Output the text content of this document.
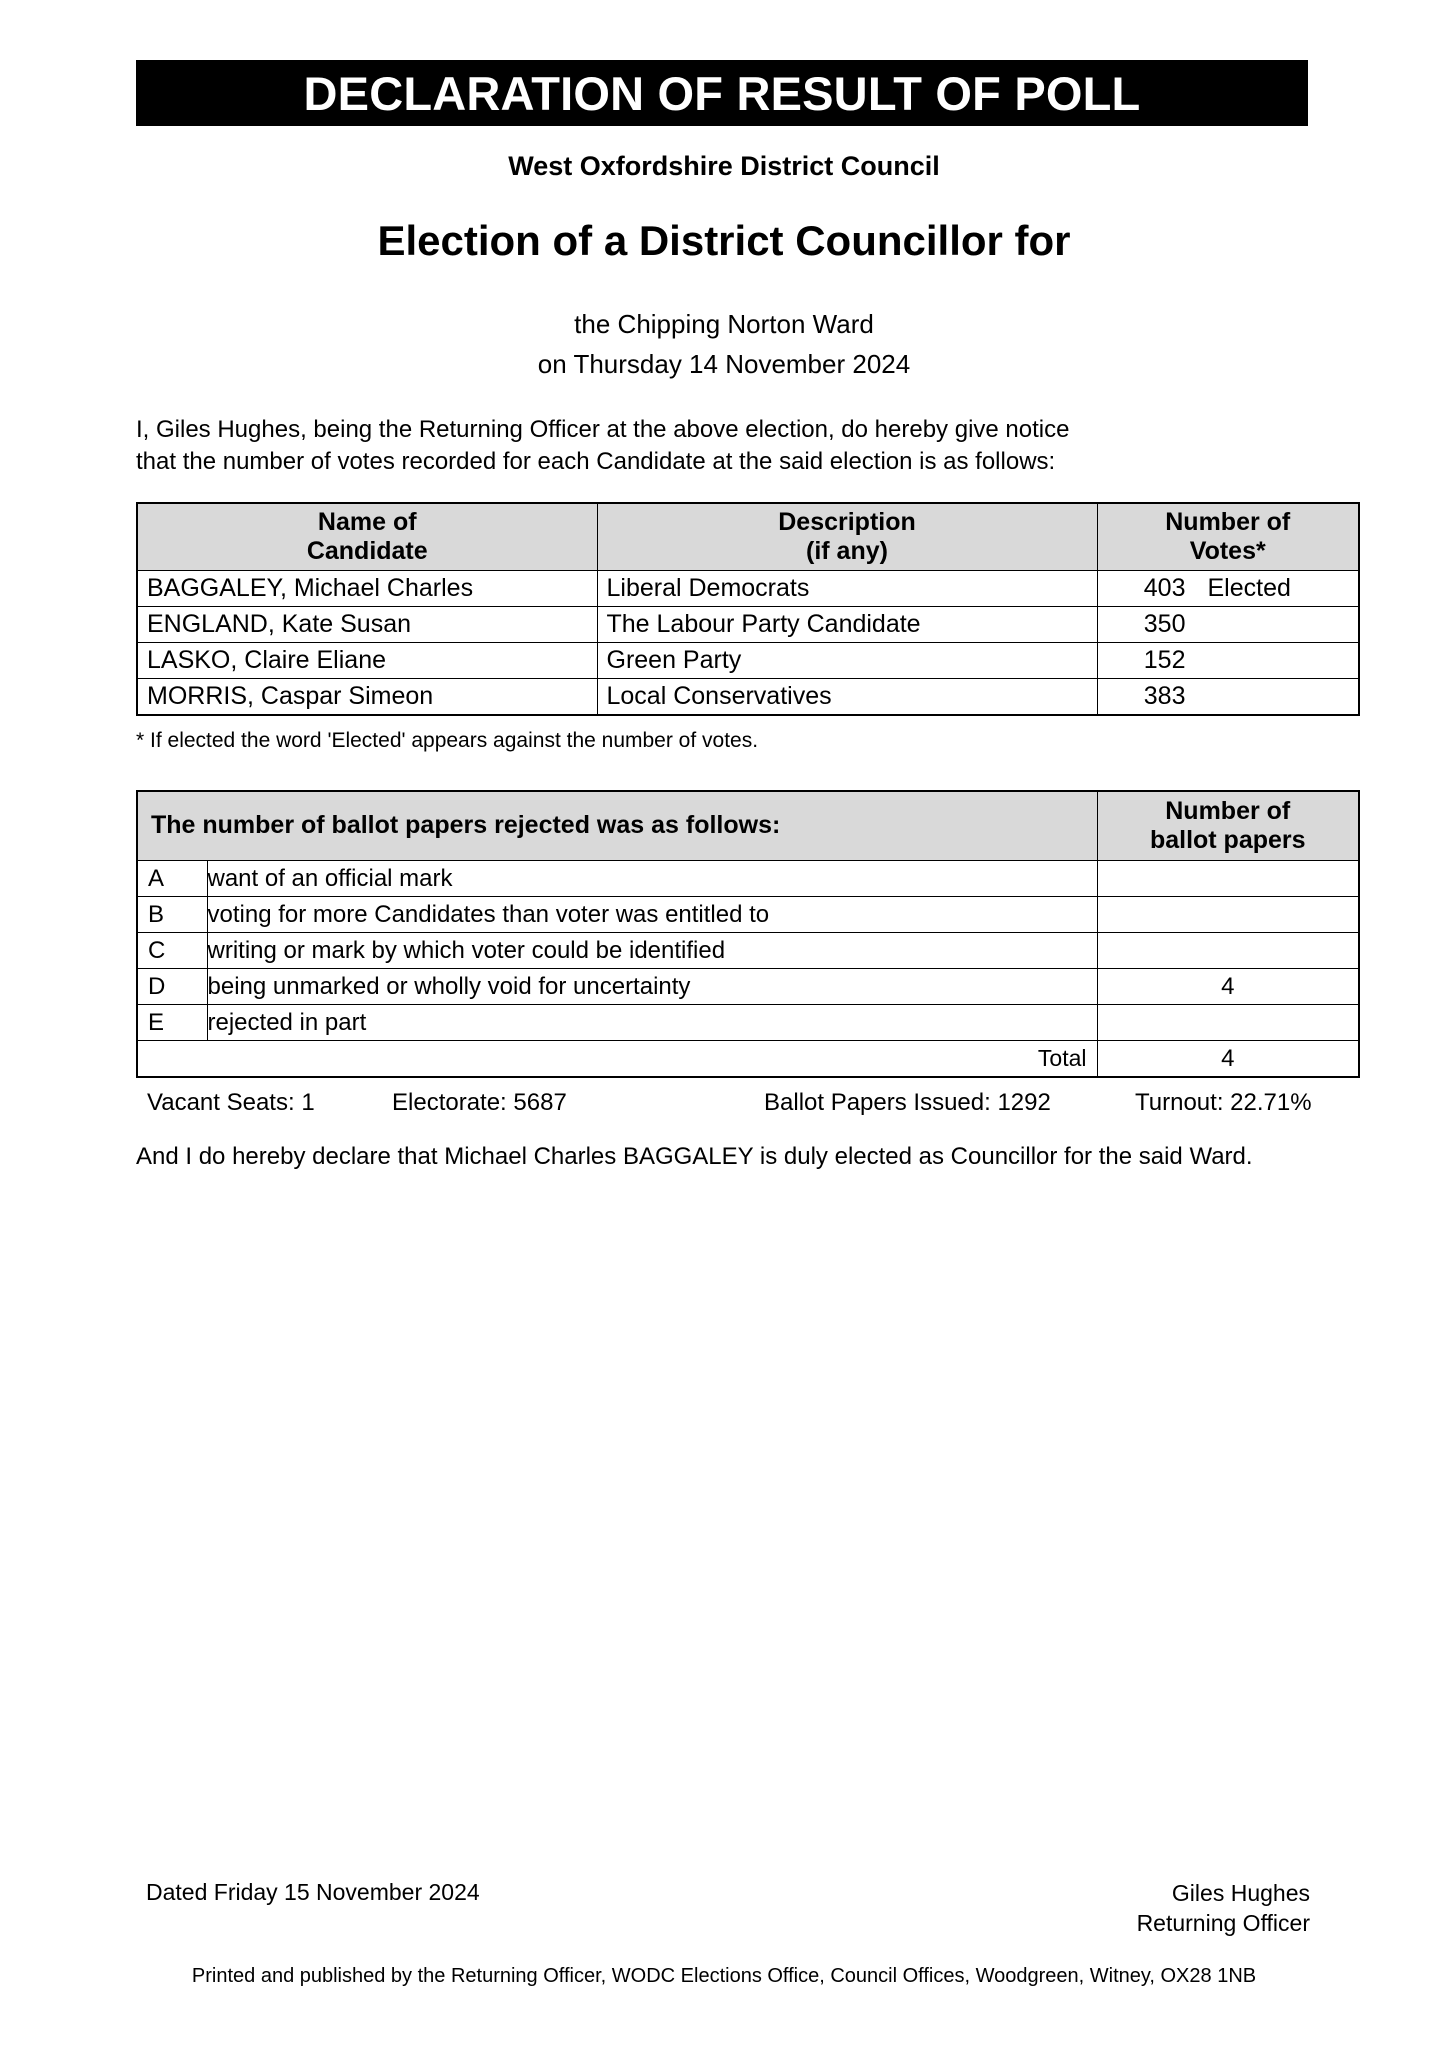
DECLARATION OF RESULT OF POLL
West Oxfordshire District Council
Election of a District Councillor for
the Chipping Norton Ward
on Thursday 14 November 2024
I, Giles Hughes, being the Returning Officer at the above election, do hereby give notice
that the number of votes recorded for each Candidate at the said election is as follows:
Name of
Candidate

Description
(if any)

Number of
Votes*

BAGGALEY, Michael Charles	Liberal Democrats	403 Elected

ENGLAND, Kate Susan	The Labour Party Candidate	350

LASKO, Claire Eliane	Green Party	152

MORRIS, Caspar Simeon	Local Conservatives	383
* If elected the word 'Elected' appears against the number of votes.
The number of ballot papers rejected was as follows:		Number of
ballot papers

A	want of an official mark	
B	voting for more Candidates than voter was entitled to	
C	writing or mark by which voter could be identified	
D	being unmarked or wholly void for uncertainty	4
E	rejected in part	
Total		4
Vacant Seats: 1	Electorate: 5687	Ballot Papers Issued: 1292	Turnout: 22.71%
And I do hereby declare that Michael Charles BAGGALEY is duly elected as Councillor for the said Ward.
Dated Friday 15 November 2024	Giles Hughes
Returning Officer
Printed and published by the Returning Officer, WODC Elections Office, Council Offices, Woodgreen, Witney, OX28 1NB
